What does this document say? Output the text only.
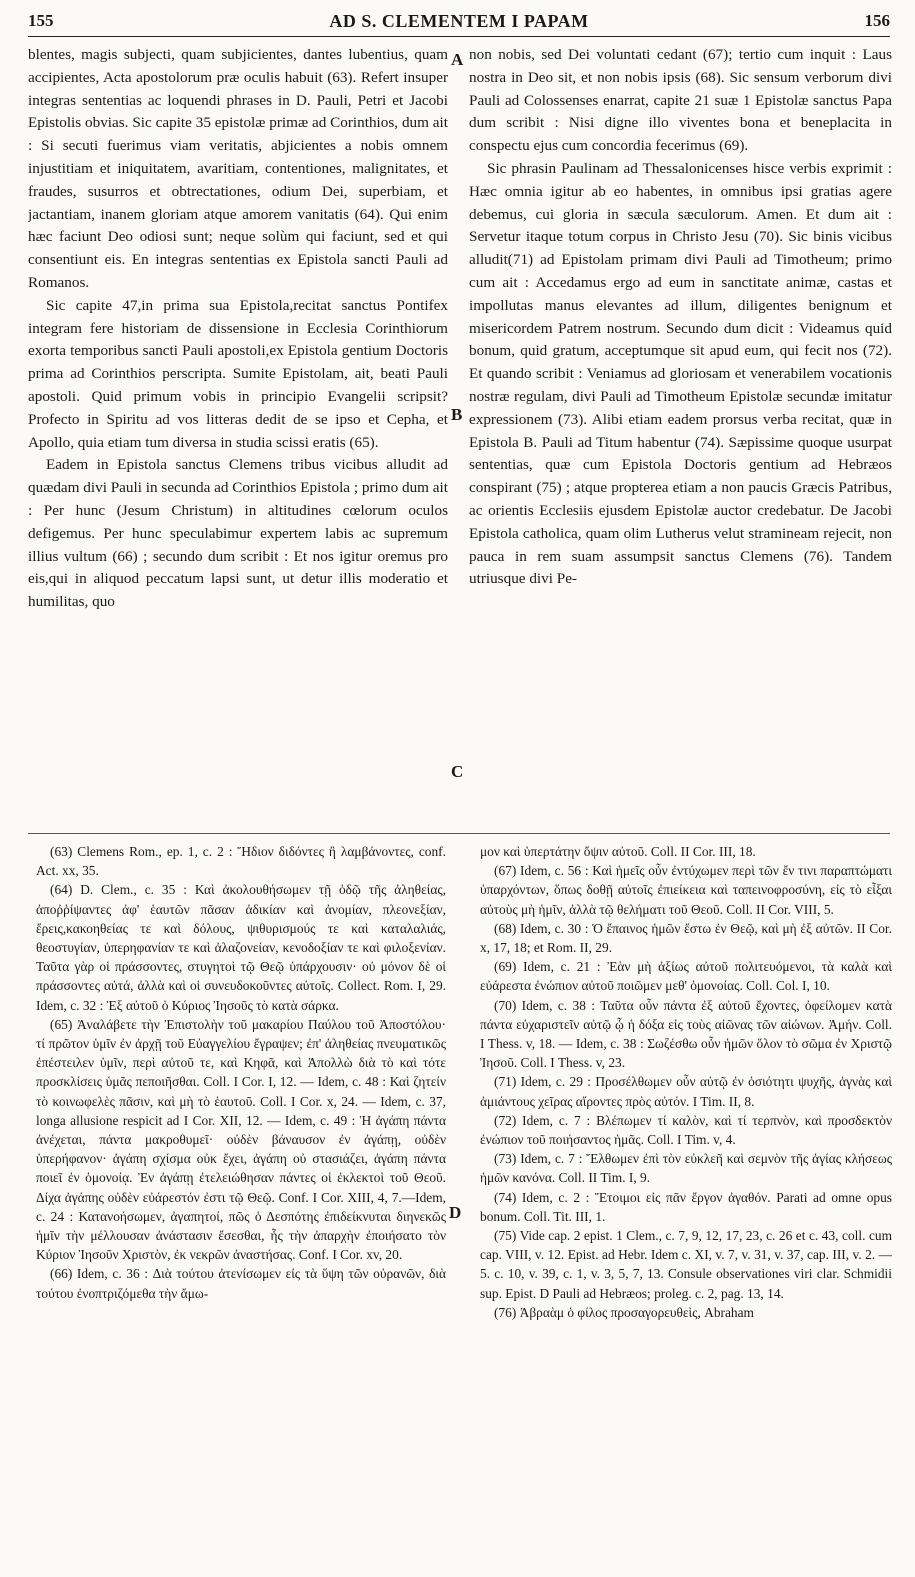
155	AD S. CLEMENTEM I PAPAM	156

blentes, magis subjecti, quam subjicientes, dantes lubentius, quam accipientes, Acta apostolorum præ oculis habuit (63). Refert insuper integras sententias ac loquendi phrases in D. Pauli, Petri et Jacobi Epistolis obvias. Sic capite 35 epistolæ primæ ad Corinthios, dum ait : Si secuti fuerimus viam veritatis, abjicientes a nobis omnem injustitiam et iniquitatem, avaritiam, contentiones, malignitates, et fraudes, susurros et obtrectationes, odium Dei, superbiam, et jactantiam, inanem gloriam atque amorem vanitatis (64). Qui enim hæc faciunt Deo odiosi sunt; neque solùm qui faciunt, sed et qui consentiunt eis. En integras sententias ex Epistola sancti Pauli ad Romanos.

Sic capite 47,in prima sua Epistola,recitat sanctus Pontifex integram fere historiam de dissensione in Ecclesia Corinthiorum exorta temporibus sancti Pauli apostoli,ex Epistola gentium Doctoris prima ad Corinthios perscripta. Sumite Epistolam, ait, beati Pauli apostoli. Quid primum vobis in principio Evangelii scripsit? Profecto in Spiritu ad vos litteras dedit de se ipso et Cepha, et Apollo, quia etiam tum diversa in studia scissi eratis (65).

Eadem in Epistola sanctus Clemens tribus vicibus alludit ad quædam divi Pauli in secunda ad Corinthios Epistola ; primo dum ait : Per hunc (Jesum Christum) in altitudines cœlorum oculos defigemus. Per hunc speculabimur expertem labis ac supremum illius vultum (66) ; secundo dum scribit : Et nos igitur oremus pro eis,qui in aliquod peccatum lapsi sunt, ut detur illis moderatio et humilitas, quo

A
B
C
D

non nobis, sed Dei voluntati cedant (67); tertio cum inquit : Laus nostra in Deo sit, et non nobis ipsis (68). Sic sensum verborum divi Pauli ad Colossenses enarrat, capite 21 suæ 1 Epistolæ sanctus Papa dum scribit : Nisi digne illo viventes bona et beneplacita in conspectu ejus cum concordia fecerimus (69).

Sic phrasin Paulinam ad Thessalonicenses hisce verbis exprimit : Hæc omnia igitur ab eo habentes, in omnibus ipsi gratias agere debemus, cui gloria in sæcula sæculorum. Amen. Et dum ait : Servetur itaque totum corpus in Christo Jesu (70). Sic binis vicibus alludit(71) ad Epistolam primam divi Pauli ad Timotheum; primo cum ait : Accedamus ergo ad eum in sanctitate animæ, castas et impollutas manus elevantes ad illum, diligentes benignum et misericordem Patrem nostrum. Secundo dum dicit : Videamus quid bonum, quid gratum, acceptumque sit apud eum, qui fecit nos (72). Et quando scribit : Veniamus ad gloriosam et venerabilem vocationis nostræ regulam, divi Pauli ad Timotheum Epistolæ secundæ imitatur expressionem (73). Alibi etiam eadem prorsus verba recitat, quæ in Epistola B. Pauli ad Titum habentur (74). Sæpissime quoque usurpat sententias, quæ cum Epistola Doctoris gentium ad Hebræos conspirant (75) ; atque propterea etiam a non paucis Græcis Patribus, ac orientis Ecclesiis ejusdem Epistolæ auctor credebatur. De Jacobi Epistola catholica, quam olim Lutherus velut stramineam rejecit, non pauca in rem suam assumpsit sanctus Clemens (76). Tandem utriusque divi Pe-

(63) Clemens Rom., ep. 1, c. 2 : Ἥδιον διδόντες ἢ λαμβάνοντες, conf. Act. xx, 35.

(64) D. Clem., c. 35 : Καὶ ἀκολουθήσωμεν τῇ ὁδῷ τῆς ἀληθείας, ἀποῤῥίψαντες ἀφ' ἑαυτῶν πᾶσαν ἀδικίαν καὶ ἀνομίαν, πλεονεξίαν, ἔρεις,κακοηθείας τε καὶ δόλους, ψιθυρισμούς τε καὶ καταλαλιάς, θεοστυγίαν, ὑπερηφανίαν τε καὶ ἀλαζονείαν, κενοδοξίαν τε καὶ φιλοξενίαν. Ταῦτα γὰρ οἱ πράσσοντες, στυγητοὶ τῷ Θεῷ ὑπάρχουσιν· οὐ μόνον δὲ οἱ πράσσοντες αὐτά, ἀλλὰ καὶ οἱ συνευδοκοῦντες αὐτοῖς. Collect. Rom. I, 29. Idem, c. 32 : Ἐξ αὐτοῦ ὁ Κύριος Ἰησοῦς τὸ κατὰ σάρκα.

(65) Ἀναλάβετε τὴν Ἐπιστολὴν τοῦ μακαρίου Παύλου τοῦ Ἀποστόλου· τί πρῶτον ὑμῖν ἐν ἀρχῇ τοῦ Εὐαγγελίου ἔγραψεν; ἐπ' ἀληθείας πνευματικῶς ἐπέστειλεν ὑμῖν, περὶ αὐτοῦ τε, καὶ Κηφᾶ, καὶ Ἀπολλὼ διὰ τὸ καὶ τότε προσκλίσεις ὑμᾶς πεποιῆσθαι. Coll. I Cor. I, 12. — Idem, c. 48 : Καὶ ζητείν τὸ κοινωφελὲς πᾶσιν, καὶ μὴ τὸ ἑαυτοῦ. Coll. I Cor. x, 24. — Idem, c. 37, longa allusione respicit ad I Cor. XII, 12. — Idem, c. 49 : Ἡ ἀγάπη πάντα ἀνέχεται, πάντα μακροθυμεῖ· οὐδὲν βάναυσον ἐν ἀγάπῃ, οὐδὲν ὑπερήφανον· ἀγάπη σχίσμα οὐκ ἔχει, ἀγάπη οὐ στασιάζει, ἀγάπη πάντα ποιεῖ ἐν ὁμονοίᾳ. Ἐν ἀγάπῃ ἐτελειώθησαν πάντες οἱ ἐκλεκτοὶ τοῦ Θεοῦ. Δίχα ἀγάπης οὐδὲν εὐάρεστόν ἐστι τῷ Θεῷ. Conf. I Cor. XIII, 4, 7.—Idem, c. 24 : Κατανοήσωμεν, ἀγαπητοί, πῶς ὁ Δεσπότης ἐπιδείκνυται διηνεκῶς ἡμῖν τὴν μέλλουσαν ἀνάστασιν ἔσεσθαι, ἧς τὴν ἀπαρχὴν ἐποιήσατο τὸν Κύριον Ἰησοῦν Χριστὸν, ἐκ νεκρῶν ἀναστήσας. Conf. I Cor. xv, 20.

(66) Idem, c. 36 : Διὰ τούτου ἀτενίσωμεν εἰς τὰ ὕψη τῶν οὐρανῶν, διὰ τούτου ἐνοπτριζόμεθα τὴν ἄμω-

μον καὶ ὑπερτάτην ὄψιν αὐτοῦ. Coll. II Cor. III, 18.

(67) Idem, c. 56 : Καὶ ἡμεῖς οὖν ἐντύχωμεν περὶ τῶν ἔν τινι παραπτώματι ὑπαρχόντων, ὅπως δοθῇ αὐτοῖς ἐπιείκεια καὶ ταπεινοφροσύνη, εἰς τὸ εἶξαι αὐτοὺς μὴ ἡμῖν, ἀλλὰ τῷ θελήματι τοῦ Θεοῦ. Coll. II Cor. VIII, 5.

(68) Idem, c. 30 : Ὁ ἔπαινος ἡμῶν ἔστω ἐν Θεῷ, καὶ μὴ ἐξ αὐτῶν. II Cor. x, 17, 18; et Rom. II, 29.

(69) Idem, c. 21 : Ἐὰν μὴ ἀξίως αὐτοῦ πολιτευόμενοι, τὰ καλὰ καὶ εὐάρεστα ἐνώπιον αὐτοῦ ποιῶμεν μεθ' ὁμονοίας. Coll. Col. I, 10.

(70) Idem, c. 38 : Ταῦτα οὖν πάντα ἐξ αὐτοῦ ἔχοντες, ὀφείλομεν κατὰ πάντα εὐχαριστεῖν αὐτῷ ᾧ ἡ δόξα εἰς τοὺς αἰῶνας τῶν αἰώνων. Ἀμήν. Coll. I Thess. v, 18. — Idem, c. 38 : Σωζέσθω οὖν ἡμῶν ὅλον τὸ σῶμα ἐν Χριστῷ Ἰησοῦ. Coll. I Thess. v, 23.

(71) Idem, c. 29 : Προσέλθωμεν οὖν αὐτῷ ἐν ὁσιότητι ψυχῆς, ἁγνὰς καὶ ἀμιάντους χεῖρας αἴροντες πρὸς αὐτόν. I Tim. II, 8.

(72) Idem, c. 7 : Βλέπωμεν τί καλὸν, καὶ τί τερπνὸν, καὶ προσδεκτὸν ἐνώπιον τοῦ ποιήσαντος ἡμᾶς. Coll. I Tim. v, 4.

(73) Idem, c. 7 : Ἔλθωμεν ἐπὶ τὸν εὐκλεῆ καὶ σεμνὸν τῆς ἁγίας κλήσεως ἡμῶν κανόνα. Coll. II Tim. I, 9.

(74) Idem, c. 2 : Ἕτοιμοι εἰς πᾶν ἔργον ἀγαθόν. Parati ad omne opus bonum. Coll. Tit. III, 1.

(75) Vide cap. 2 epist. 1 Clem., c. 7, 9, 12, 17, 23, c. 26 et c. 43, coll. cum cap. VIII, v. 12. Epist. ad Hebr. Idem c. XI, v. 7, v. 31, v. 37, cap. III, v. 2. — 5. c. 10, v. 39, c. 1, v. 3, 5, 7, 13. Consule observationes viri clar. Schmidii sup. Epist. D Pauli ad Hebræos; proleg. c. 2, pag. 13, 14.

(76) Ἀβραὰμ ὁ φίλος προσαγορευθεὶς, Abraham
